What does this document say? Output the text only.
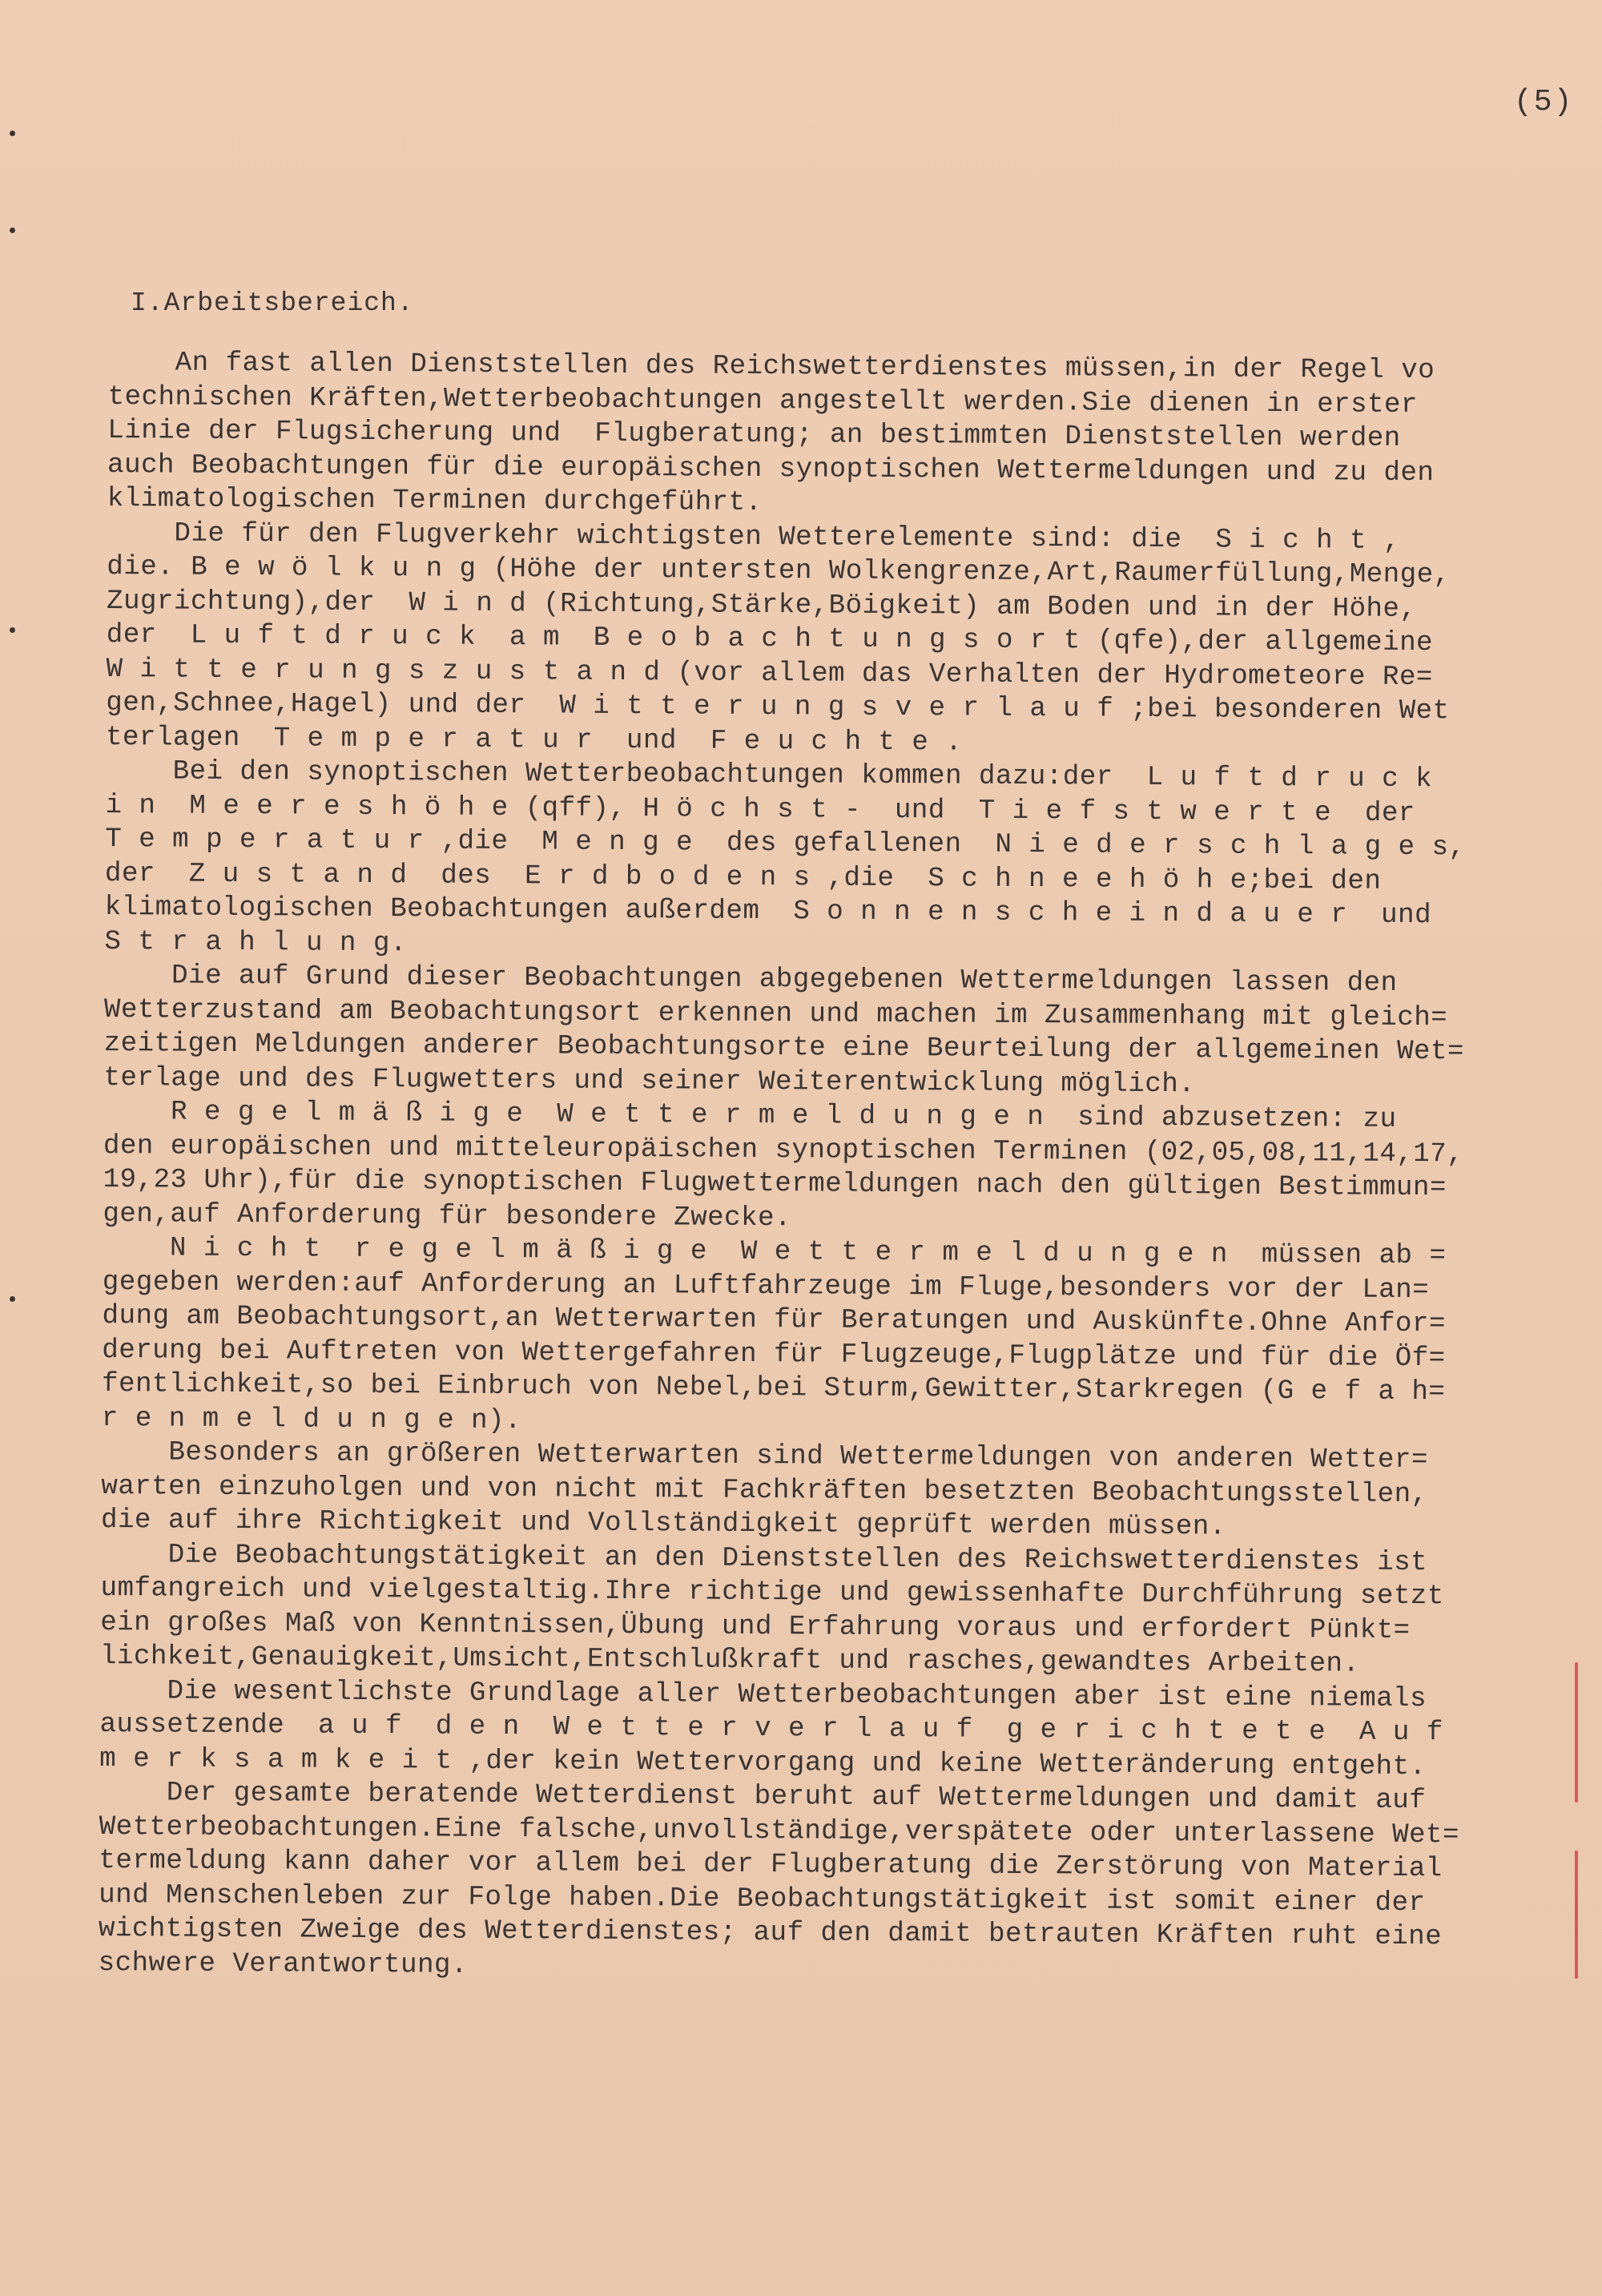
(5)
I.Arbeitsbereich.
An fast allen Dienststellen des Reichswetterdienstes müssen,in der Regel vo
technischen Kräften,Wetterbeobachtungen angestellt werden.Sie dienen in erster
Linie der Flugsicherung und  Flugberatung; an bestimmten Dienststellen werden
auch Beobachtungen für die europäischen synoptischen Wettermeldungen und zu den
klimatologischen Terminen durchgeführt.
Die für den Flugverkehr wichtigsten Wetterelemente sind: die  S i c h t ,
die. B e w ö l k u n g (Höhe der untersten Wolkengrenze,Art,Raumerfüllung,Menge,
Zugrichtung),der  W i n d (Richtung,Stärke,Böigkeit) am Boden und in der Höhe,
der  L u f t d r u c k  a m  B e o b a c h t u n g s o r t (qfe),der allgemeine
W i t t e r u n g s z u s t a n d (vor allem das Verhalten der Hydrometeore Re=
gen,Schnee,Hagel) und der  W i t t e r u n g s v e r l a u f ;bei besonderen Wet
terlagen  T e m p e r a t u r  und  F e u c h t e .
Bei den synoptischen Wetterbeobachtungen kommen dazu:der  L u f t d r u c k
i n  M e e r e s h ö h e (qff), H ö c h s t -  und  T i e f s t w e r t e  der
T e m p e r a t u r ,die  M e n g e  des gefallenen  N i e d e r s c h l a g e s,
der  Z u s t a n d  des  E r d b o d e n s ,die  S c h n e e h ö h e;bei den
klimatologischen Beobachtungen außerdem  S o n n e n s c h e i n d a u e r  und
S t r a h l u n g.
Die auf Grund dieser Beobachtungen abgegebenen Wettermeldungen lassen den
Wetterzustand am Beobachtungsort erkennen und machen im Zusammenhang mit gleich=
zeitigen Meldungen anderer Beobachtungsorte eine Beurteilung der allgemeinen Wet=
terlage und des Flugwetters und seiner Weiterentwicklung möglich.
R e g e l m ä ß i g e  W e t t e r m e l d u n g e n  sind abzusetzen: zu
den europäischen und mitteleuropäischen synoptischen Terminen (02,05,08,11,14,17,
19,23 Uhr),für die synoptischen Flugwettermeldungen nach den gültigen Bestimmun=
gen,auf Anforderung für besondere Zwecke.
N i c h t  r e g e l m ä ß i g e  W e t t e r m e l d u n g e n  müssen ab =
gegeben werden:auf Anforderung an Luftfahrzeuge im Fluge,besonders vor der Lan=
dung am Beobachtungsort,an Wetterwarten für Beratungen und Auskünfte.Ohne Anfor=
derung bei Auftreten von Wettergefahren für Flugzeuge,Flugplätze und für die Öf=
fentlichkeit,so bei Einbruch von Nebel,bei Sturm,Gewitter,Starkregen (G e f a h=
r e n m e l d u n g e n).
Besonders an größeren Wetterwarten sind Wettermeldungen von anderen Wetter=
warten einzuholgen und von nicht mit Fachkräften besetzten Beobachtungsstellen,
die auf ihre Richtigkeit und Vollständigkeit geprüft werden müssen.
Die Beobachtungstätigkeit an den Dienststellen des Reichswetterdienstes ist
umfangreich und vielgestaltig.Ihre richtige und gewissenhafte Durchführung setzt
ein großes Maß von Kenntnissen,Übung und Erfahrung voraus und erfordert Pünkt=
lichkeit,Genauigkeit,Umsicht,Entschlußkraft und rasches,gewandtes Arbeiten.
Die wesentlichste Grundlage aller Wetterbeobachtungen aber ist eine niemals
aussetzende  a u f  d e n  W e t t e r v e r l a u f  g e r i c h t e t e  A u f
m e r k s a m k e i t ,der kein Wettervorgang und keine Wetteränderung entgeht.
Der gesamte beratende Wetterdienst beruht auf Wettermeldungen und damit auf
Wetterbeobachtungen.Eine falsche,unvollständige,verspätete oder unterlassene Wet=
termeldung kann daher vor allem bei der Flugberatung die Zerstörung von Material
und Menschenleben zur Folge haben.Die Beobachtungstätigkeit ist somit einer der
wichtigsten Zweige des Wetterdienstes; auf den damit betrauten Kräften ruht eine
schwere Verantwortung.
